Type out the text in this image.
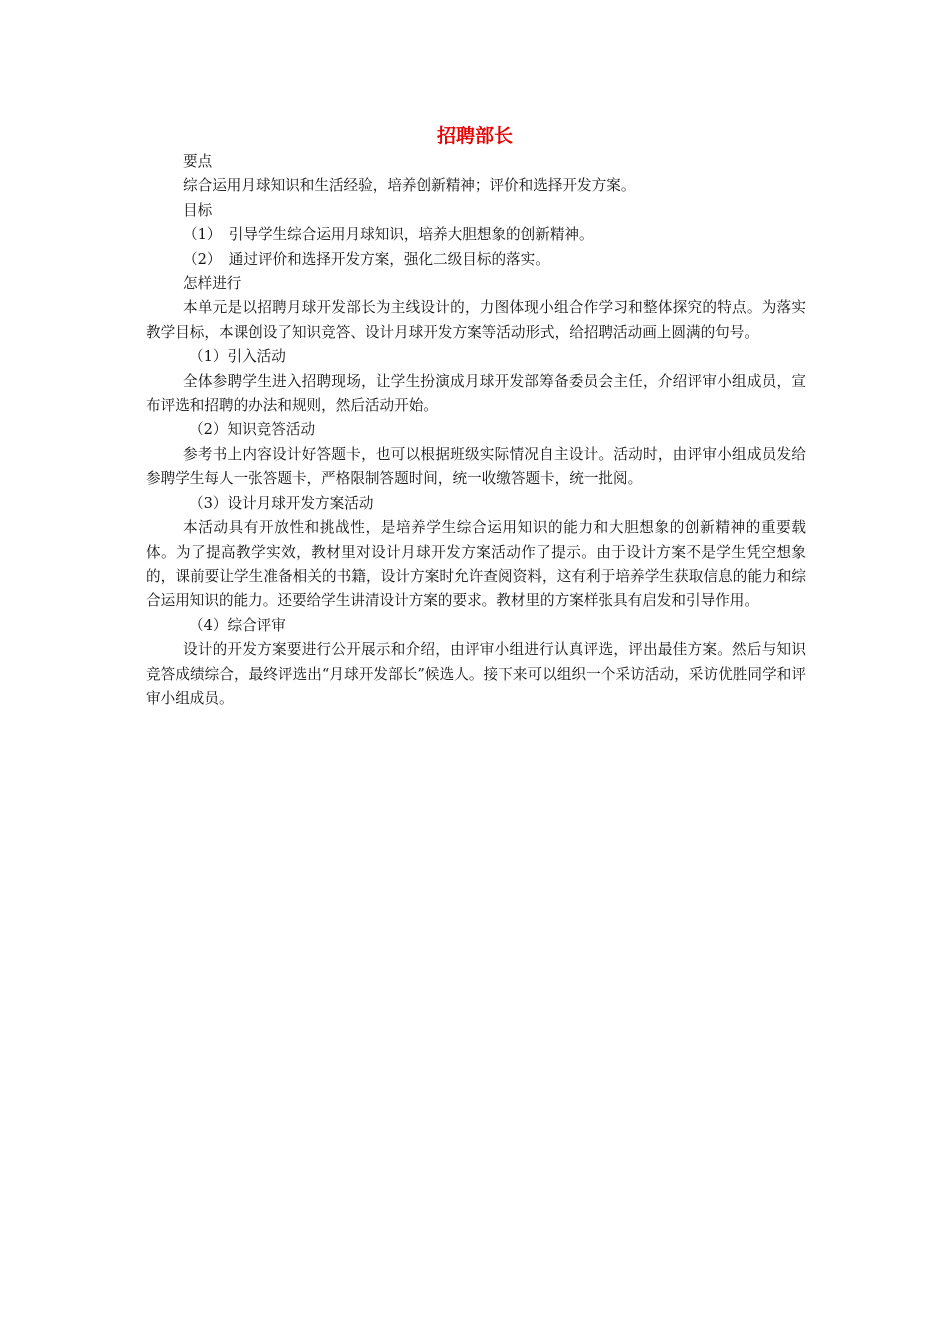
招聘部长

要点

综合运用月球知识和生活经验，培养创新精神；评价和选择开发方案。

目标

（1）　引导学生综合运用月球知识，培养大胆想象的创新精神。

（2）　通过评价和选择开发方案，强化二级目标的落实。

怎样进行

本单元是以招聘月球开发部长为主线设计的，力图体现小组合作学习和整体探究的特点。为落实教学目标，本课创设了知识竞答、设计月球开发方案等活动形式，给招聘活动画上圆满的句号。

（1）引入活动

全体参聘学生进入招聘现场，让学生扮演成月球开发部筹备委员会主任，介绍评审小组成员，宣布评选和招聘的办法和规则，然后活动开始。

（2）知识竞答活动

参考书上内容设计好答题卡，也可以根据班级实际情况自主设计。活动时，由评审小组成员发给参聘学生每人一张答题卡，严格限制答题时间，统一收缴答题卡，统一批阅。

（3）设计月球开发方案活动

本活动具有开放性和挑战性，是培养学生综合运用知识的能力和大胆想象的创新精神的重要载体。为了提高教学实效，教材里对设计月球开发方案活动作了提示。由于设计方案不是学生凭空想象的，课前要让学生准备相关的书籍，设计方案时允许查阅资料，这有利于培养学生获取信息的能力和综合运用知识的能力。还要给学生讲清设计方案的要求。教材里的方案样张具有启发和引导作用。

（4）综合评审

设计的开发方案要进行公开展示和介绍，由评审小组进行认真评选，评出最佳方案。然后与知识竞答成绩综合，最终评选出“月球开发部长”候选人。接下来可以组织一个采访活动，采访优胜同学和评审小组成员。
